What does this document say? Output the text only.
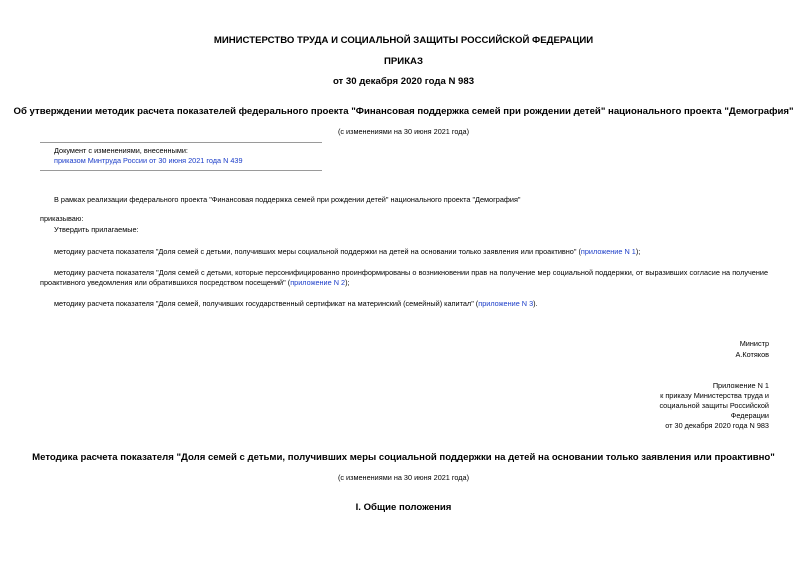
МИНИСТЕРСТВО ТРУДА И СОЦИАЛЬНОЙ ЗАЩИТЫ РОССИЙСКОЙ ФЕДЕРАЦИИ
ПРИКАЗ
от 30 декабря 2020 года N 983
Об утверждении методик расчета показателей федерального проекта "Финансовая поддержка семей при рождении детей" национального проекта "Демография"
(с изменениями на 30 июня 2021 года)
Документ с изменениями, внесенными:
приказом Минтруда России от 30 июня 2021 года N 439
В рамках реализации федерального проекта "Финансовая поддержка семей при рождении детей" национального проекта "Демография"
приказываю:
Утвердить прилагаемые:
методику расчета показателя "Доля семей с детьми, получивших меры социальной поддержки на детей на основании только заявления или проактивно" (приложение N 1);
методику расчета показателя "Доля семей с детьми, которые персонифицированно проинформированы о возникновении прав на получение мер социальной поддержки, от выразивших согласие на получение проактивного уведомления или обратившихся посредством посещений" (приложение N 2);
методику расчета показателя "Доля семей, получивших государственный сертификат на материнский (семейный) капитал" (приложение N 3).
Министр
А.Котяков
Приложение N 1
к приказу Министерства труда и
социальной защиты Российской
Федерации
от 30 декабря 2020 года N 983
Методика расчета показателя "Доля семей с детьми, получивших меры социальной поддержки на детей на основании только заявления или проактивно"
(с изменениями на 30 июня 2021 года)
I. Общие положения
